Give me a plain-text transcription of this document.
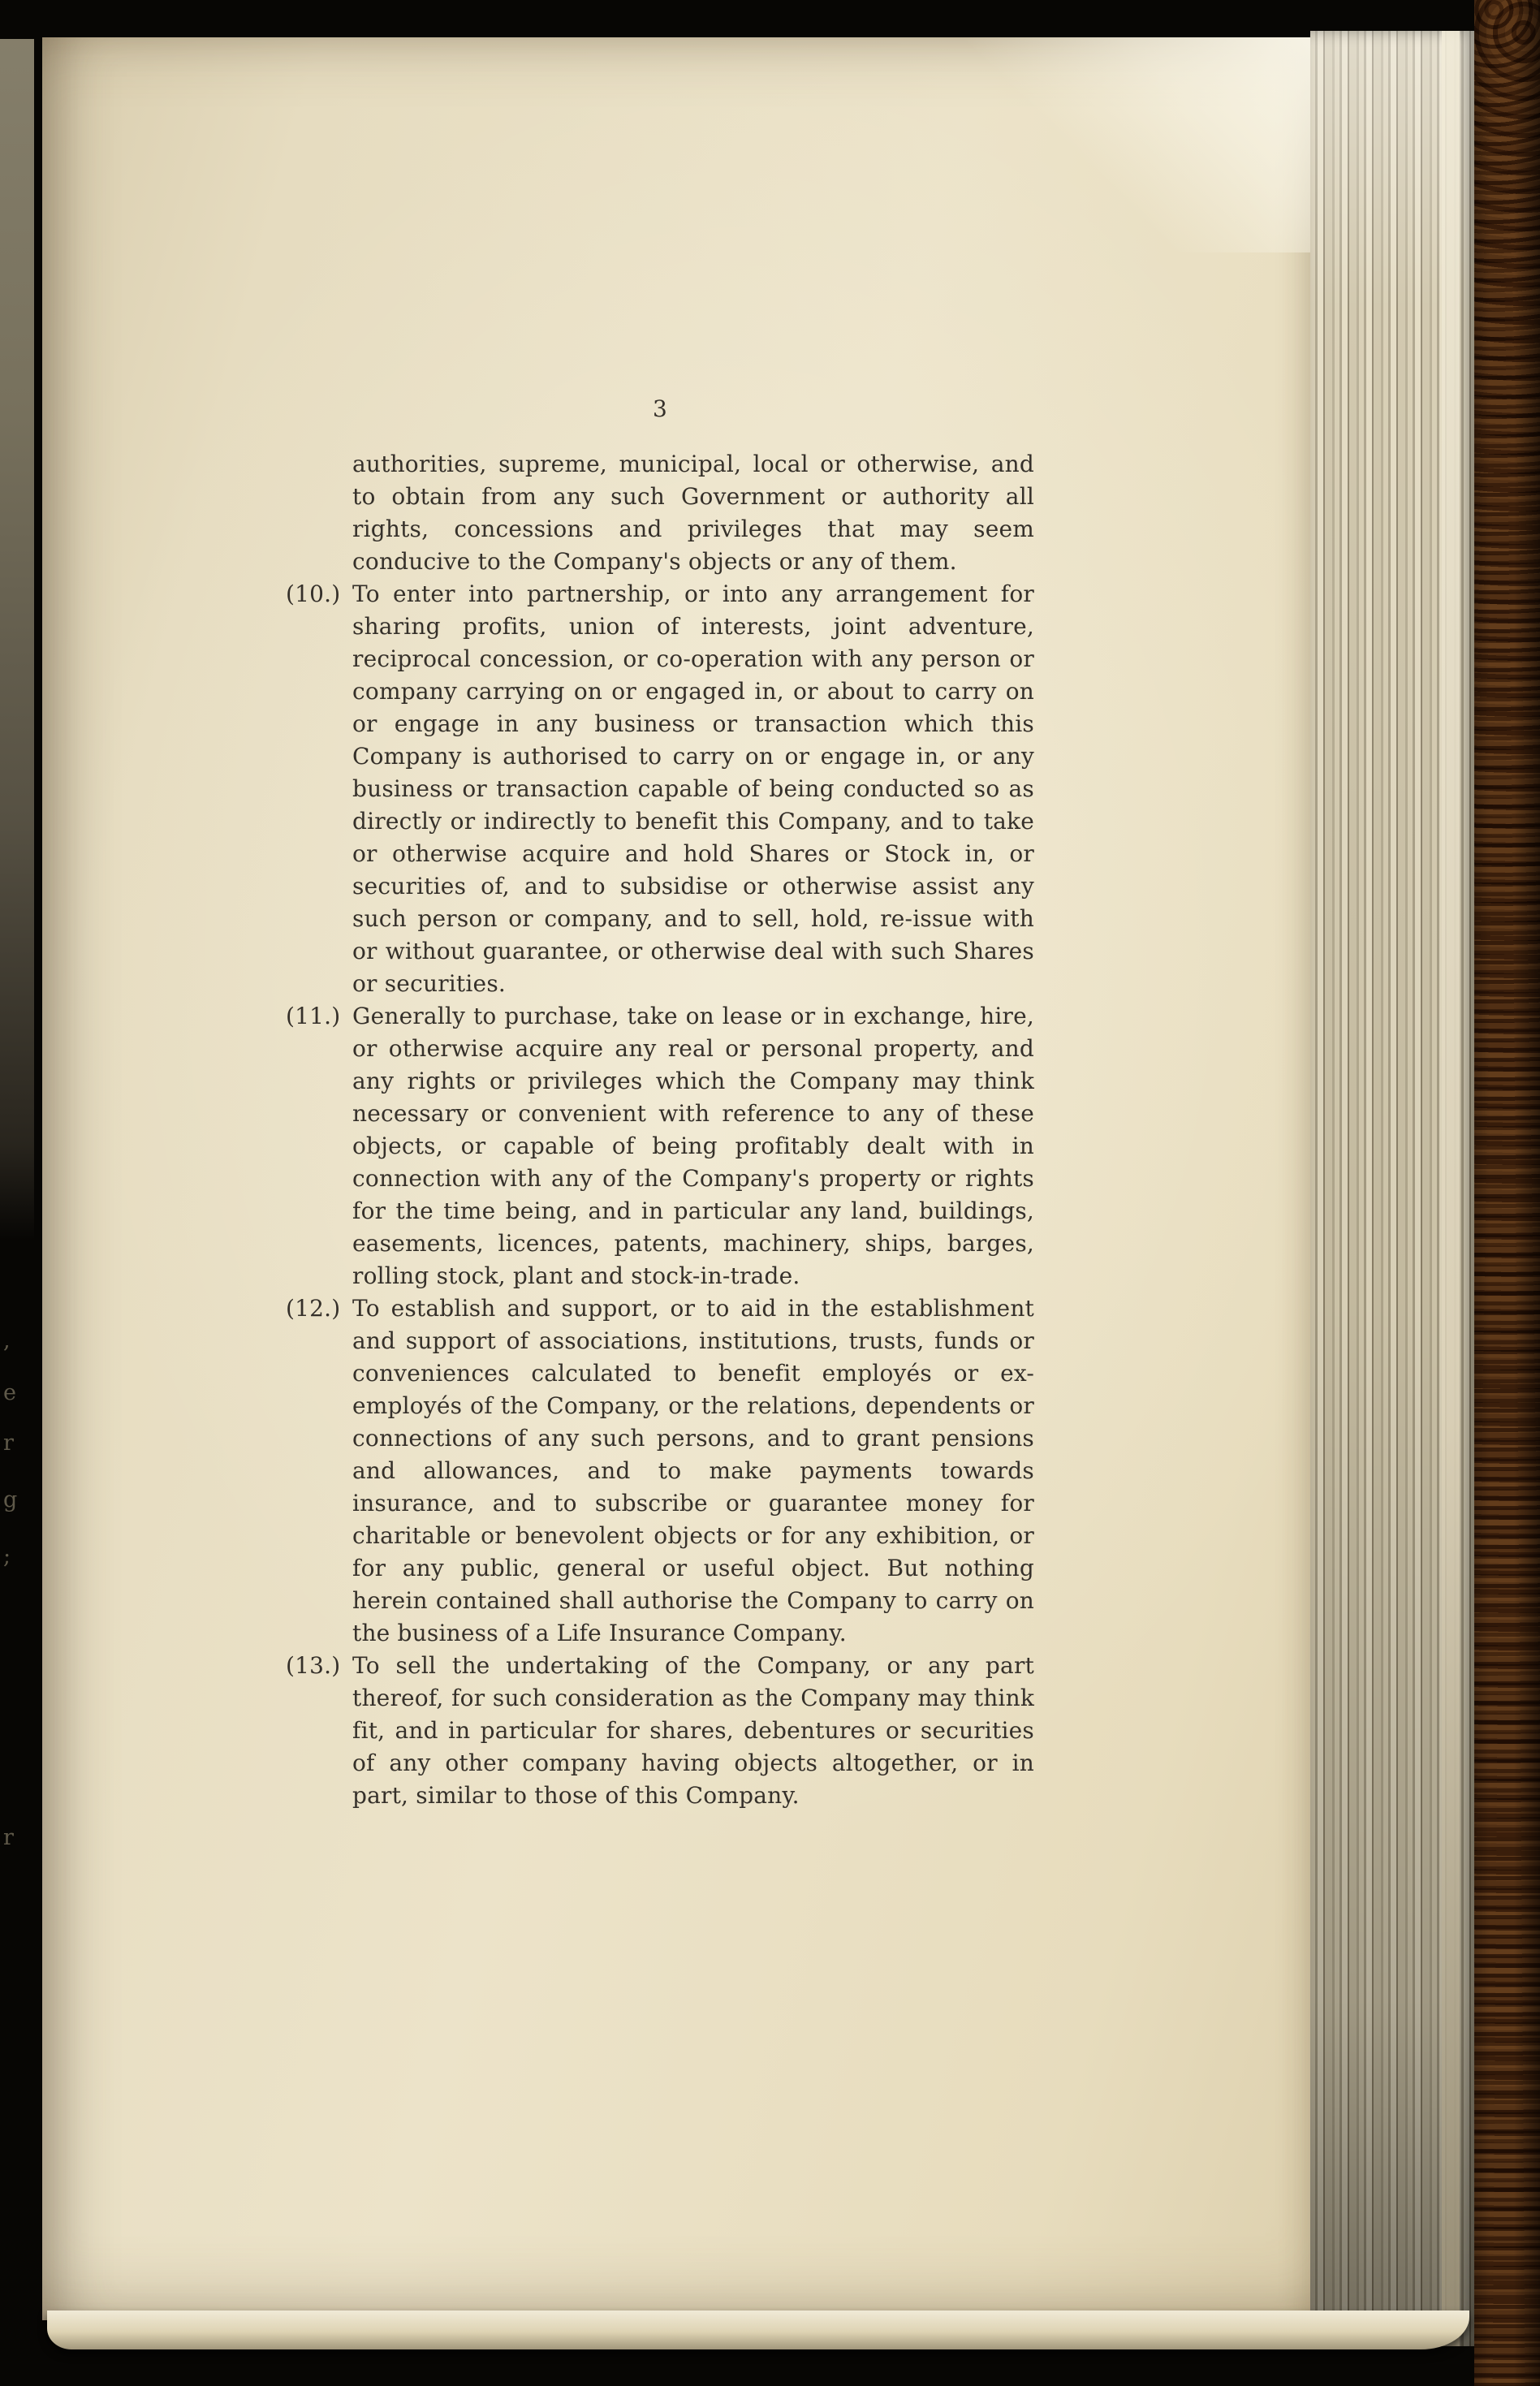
,
e
r
g
;
r
3

authorities, supreme, municipal, local or otherwise, and to obtain from any such Government or authority all rights, concessions and privileges that may seem conducive to the Company's objects or any of them.

(10.) To enter into partnership, or into any arrangement for sharing profits, union of interests, joint adventure, reciprocal concession, or co-operation with any person or company carrying on or engaged in, or about to carry on or engage in any business or transaction which this Company is authorised to carry on or engage in, or any business or transaction capable of being conducted so as directly or indirectly to benefit this Company, and to take or otherwise acquire and hold Shares or Stock in, or securities of, and to subsidise or otherwise assist any such person or company, and to sell, hold, re-issue with or without guarantee, or otherwise deal with such Shares or securities.

(11.) Generally to purchase, take on lease or in exchange, hire, or otherwise acquire any real or personal property, and any rights or privileges which the Company may think necessary or convenient with reference to any of these objects, or capable of being profitably dealt with in connection with any of the Company's property or rights for the time being, and in particular any land, buildings, easements, licences, patents, machinery, ships, barges, rolling stock, plant and stock-in-trade.

(12.) To establish and support, or to aid in the establishment and support of associations, institutions, trusts, funds or conveniences calculated to benefit employés or ex-employés of the Company, or the relations, dependents or connections of any such persons, and to grant pensions and allowances, and to make payments towards insurance, and to subscribe or guarantee money for charitable or benevolent objects or for any exhibition, or for any public, general or useful object. But nothing herein contained shall authorise the Company to carry on the business of a Life Insurance Company.

(13.) To sell the undertaking of the Company, or any part thereof, for such consideration as the Company may think fit, and in particular for shares, debentures or securities of any other company having objects altogether, or in part, similar to those of this Company.
